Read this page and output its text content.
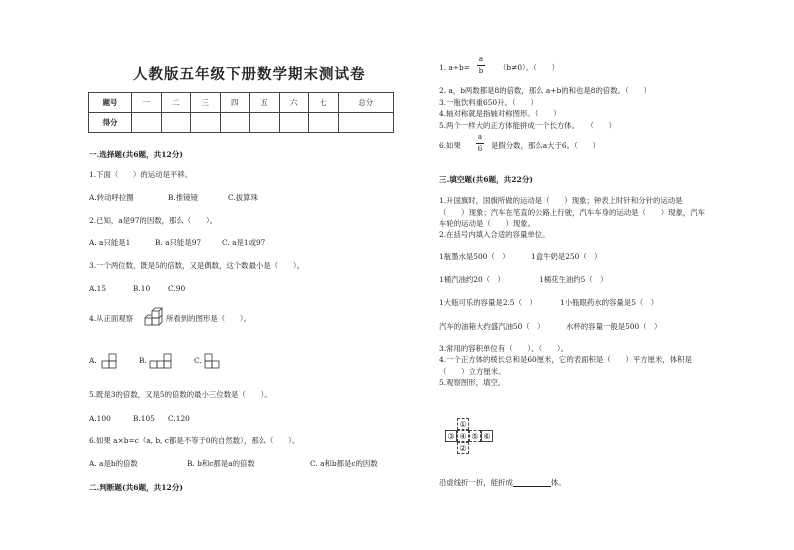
人教版五年级下册数学期末测试卷
题号	一	二	三	四	五	六	七	总分
得分								
一.选择题(共6题，共12分)
1.下面（　　）的运动是平移。
A.转动呼拉圈	B.推镜镜	C.拔算珠
2.已知，a是97的因数，那么（　　）。
A. a只能是1	B. a只能是97	C. a是1或97
3.一个两位数，既是5的倍数，又是偶数，这个数最小是（　　）。
A.15	B.10 C.90
4.从正面观察	所看到的图形是（　　）。
A.	B.	C.
5.既是3的倍数，又是5的倍数的最小三位数是（　　）。
A.100	B.105 C.120
6.如果 a×b=c（a, b, c都是不等于0的自然数），那么（　　）。
A. a是b的倍数	B. b和c都是a的倍数	C. a和b都是c的因数
二.判断题(共6题，共12分)
1. a÷b=
a
b	（b≠0）。（　　）
2. a，b两数都是8的倍数，那么 a+b的和也是8的倍数。（　　）
3.一瓶饮料重650升。（　　）
4.轴对称就是指轴对称图形。（　　）
5.两个一样大的正方体能拼成一个长方体。　　（　　）
6.如果
a
6	是假分数，那么a大于6。（　　）
三.填空题(共6题，共22分)
1.升国旗时，国旗所做的运动是（　　）现象；钟表上时针和分针的运动是
（　　）现象；汽车在笔直的公路上行驶，汽车车身的运动是（　　）现象，汽车
车轮的运动是（　　）现象。
2.在括号内填入合适的容量单位。
1瓶墨水是500（　）	1盒牛奶是250（　）
1桶汽油约20（　）	1桶花生油约5（　）
1大瓶可乐的容量是2.5（　）	1小瓶眼药水的容量是5（　）
汽车的油箱大约盛汽油50（　）	水杯的容量一般是500（　）
3.常用的容积单位有（　　）、（　　）。
4.一个正方体的棱长总和是60厘米，它的表面积是（　　）平方厘米，体积是
（　　）立方厘米。
5.观察图形，填空。
①
③ ④ ⑤ ⑥
②
沿虚线折一折，能折成	体。
